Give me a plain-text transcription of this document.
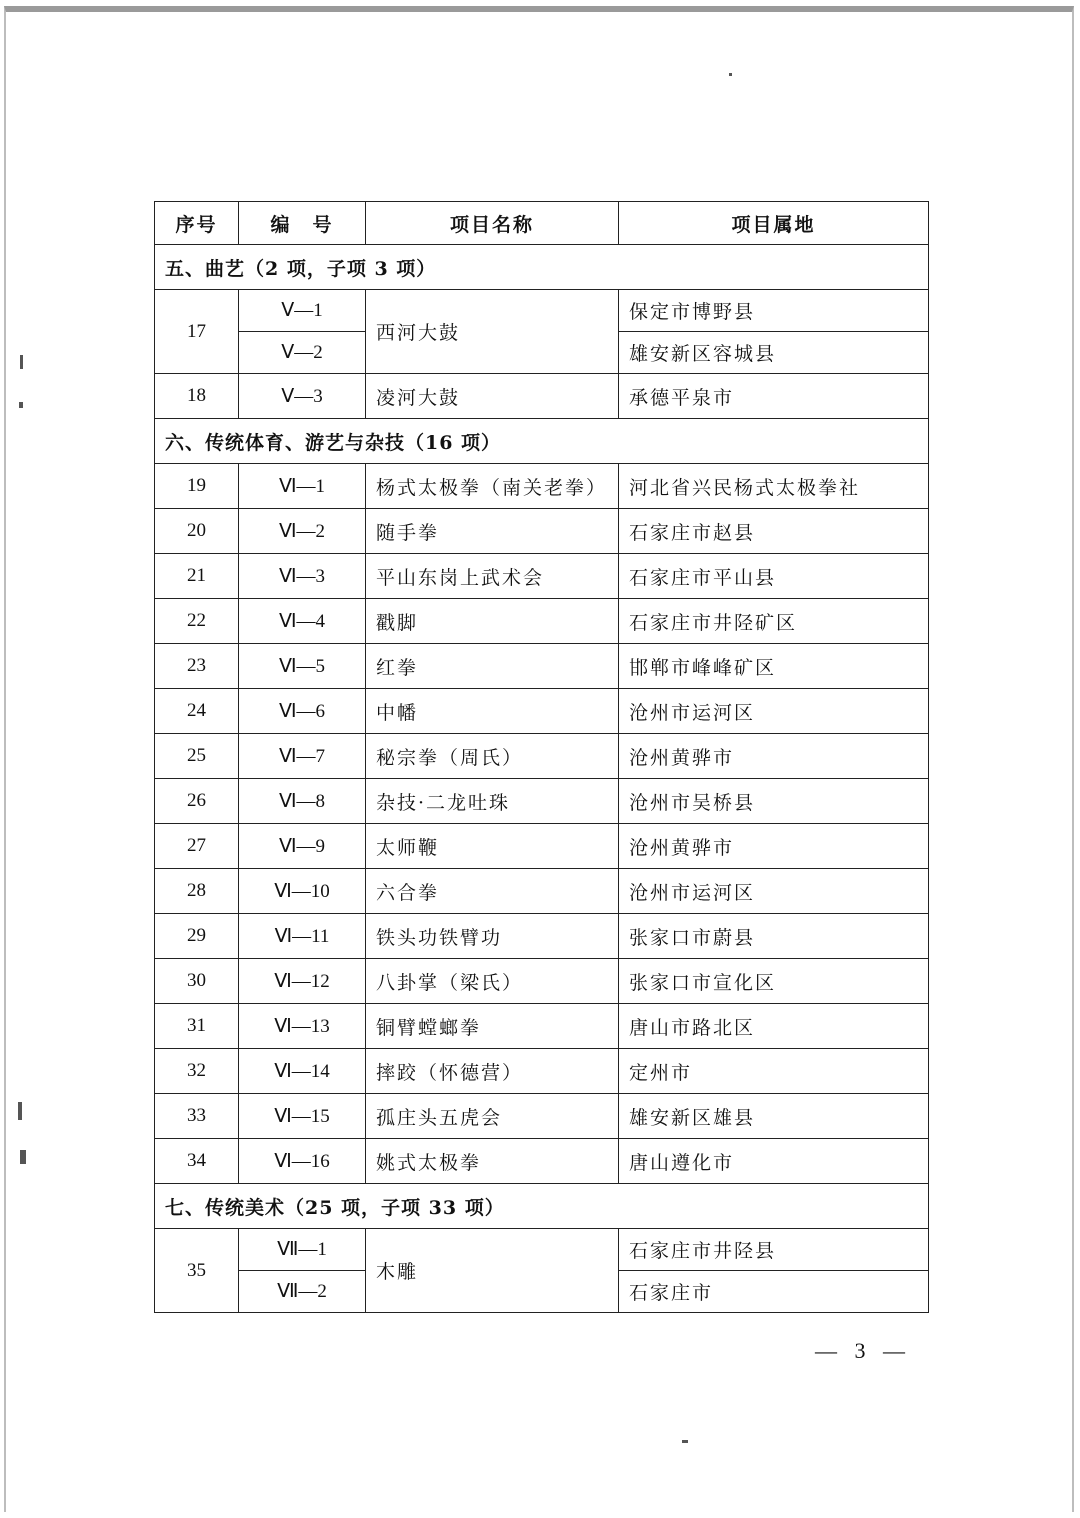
序号	编　号	项目名称	项目属地
五、曲艺（2 项，子项 3 项）			
17	Ⅴ—1	西河大鼓	保定市博野县
	Ⅴ—2		雄安新区容城县
18	Ⅴ—3	凌河大鼓	承德平泉市
六、传统体育、游艺与杂技（16 项）			
19	Ⅵ—1	杨式太极拳（南关老拳）	河北省兴民杨式太极拳社
20	Ⅵ—2	随手拳	石家庄市赵县
21	Ⅵ—3	平山东岗上武术会	石家庄市平山县
22	Ⅵ—4	戳脚	石家庄市井陉矿区
23	Ⅵ—5	红拳	邯郸市峰峰矿区
24	Ⅵ—6	中幡	沧州市运河区
25	Ⅵ—7	秘宗拳（周氏）	沧州黄骅市
26	Ⅵ—8	杂技·二龙吐珠	沧州市吴桥县
27	Ⅵ—9	太师鞭	沧州黄骅市
28	Ⅵ—10	六合拳	沧州市运河区
29	Ⅵ—11	铁头功铁臂功	张家口市蔚县
30	Ⅵ—12	八卦掌（梁氏）	张家口市宣化区
31	Ⅵ—13	铜臂螳螂拳	唐山市路北区
32	Ⅵ—14	摔跤（怀德营）	定州市
33	Ⅵ—15	孤庄头五虎会	雄安新区雄县
34	Ⅵ—16	姚式太极拳	唐山遵化市
七、传统美术（25 项，子项 33 项）			
35	Ⅶ—1	木雕	石家庄市井陉县
	Ⅶ—2		石家庄市
— 3 —
